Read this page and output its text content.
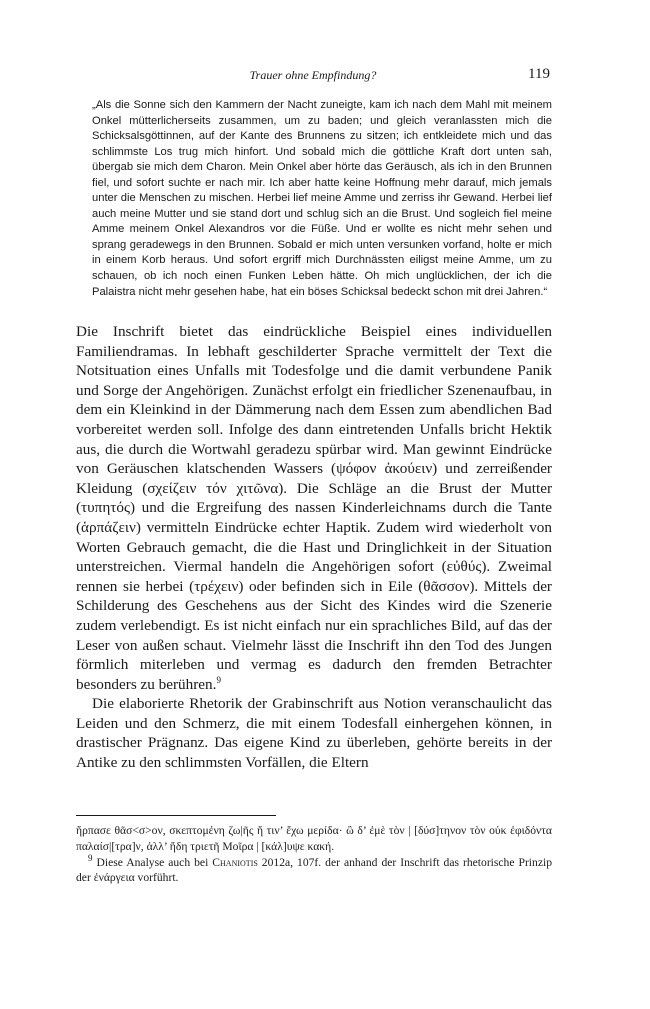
Trauer ohne Empfindung?	119
„Als die Sonne sich den Kammern der Nacht zuneigte, kam ich nach dem Mahl mit meinem Onkel mütterlicherseits zusammen, um zu baden; und gleich veranlassten mich die Schicksalsgöttinnen, auf der Kante des Brunnens zu sitzen; ich entkleidete mich und das schlimmste Los trug mich hinfort. Und sobald mich die göttliche Kraft dort unten sah, übergab sie mich dem Charon. Mein Onkel aber hörte das Geräusch, als ich in den Brunnen fiel, und sofort suchte er nach mir. Ich aber hatte keine Hoffnung mehr darauf, mich jemals unter die Menschen zu mischen. Herbei lief meine Amme und zerriss ihr Gewand. Herbei lief auch meine Mutter und sie stand dort und schlug sich an die Brust. Und sogleich fiel meine Amme meinem Onkel Alexandros vor die Füße. Und er wollte es nicht mehr sehen und sprang geradewegs in den Brunnen. Sobald er mich unten versunken vorfand, holte er mich in einem Korb heraus. Und sofort ergriff mich Durchnässten eiligst meine Amme, um zu schauen, ob ich noch einen Funken Leben hätte. Oh mich unglücklichen, der ich die Palaistra nicht mehr gesehen habe, hat ein böses Schicksal bedeckt schon mit drei Jahren.“

Die Inschrift bietet das eindrückliche Beispiel eines individuellen Familiendramas. In lebhaft geschilderter Sprache vermittelt der Text die Notsituation eines Unfalls mit Todesfolge und die damit verbundene Panik und Sorge der Angehörigen. Zunächst erfolgt ein friedlicher Szenenaufbau, in dem ein Kleinkind in der Dämmerung nach dem Essen zum abendlichen Bad vorbereitet werden soll. Infolge des dann eintretenden Unfalls bricht Hektik aus, die durch die Wortwahl geradezu spürbar wird. Man gewinnt Eindrücke von Geräuschen klatschenden Wassers (ψόφον ἀκούειν) und zerreißender Kleidung (σχείζειν τόν χιτῶνα). Die Schläge an die Brust der Mutter (τυπητός) und die Ergreifung des nassen Kinderleichnams durch die Tante (ἁρπάζειν) vermitteln Eindrücke echter Haptik. Zudem wird wiederholt von Worten Gebrauch gemacht, die die Hast und Dringlichkeit in der Situation unterstreichen. Viermal handeln die Angehörigen sofort (εὐθύς). Zweimal rennen sie herbei (τρέχειν) oder befinden sich in Eile (θᾶσσον). Mittels der Schilderung des Geschehens aus der Sicht des Kindes wird die Szenerie zudem verlebendigt. Es ist nicht einfach nur ein sprachliches Bild, auf das der Leser von außen schaut. Vielmehr lässt die Inschrift ihn den Tod des Jungen förmlich miterleben und vermag es dadurch den fremden Betrachter besonders zu berühren.$^9$

Die elaborierte Rhetorik der Grabinschrift aus Notion veranschaulicht das Leiden und den Schmerz, die mit einem Todesfall einhergehen können, in drastischer Prägnanz. Das eigene Kind zu überleben, gehörte bereits in der Antike zu den schlimmsten Vorfällen, die Eltern

ἥρπασε θᾶσ<σ>ον, σκεπτομένη ζω|ῆς ἥ τιν’ ἔχω μερίδα· ὢ δ’ ἐμὲ τὸν | [δύσ]τηνον τὸν οὐκ ἐφιδόντα παλαίσ|[τρα]ν, ἀλλ’ ἤδη τριετῆ Μοῖρα | [κάλ]υψε κακή.

$^9$ Diese Analyse auch bei Chaniotis 2012a, 107f. der anhand der Inschrift das rhetorische Prinzip der ἐνάργεια vorführt.
